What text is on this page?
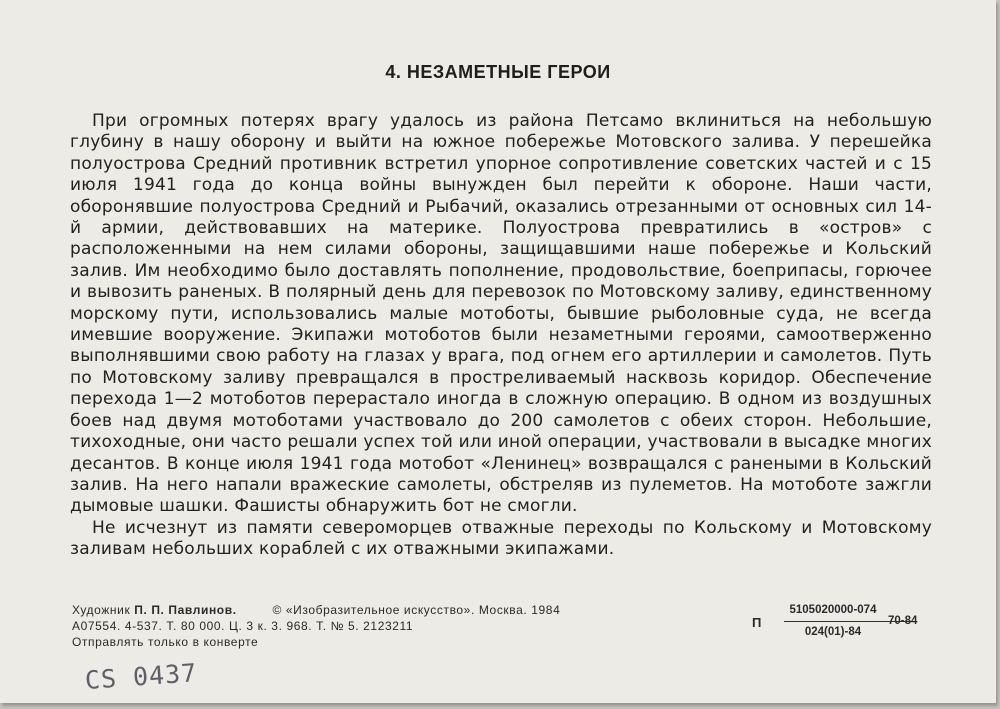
4. НЕЗАМЕТНЫЕ ГЕРОИ

При огромных потерях врагу удалось из района Петсамо вклиниться на небольшую глубину в нашу оборону и выйти на южное побережье Мотовского залива. У перешейка полуострова Средний противник встретил упорное сопротивление советских частей и с 15 июля 1941 года до конца войны вынужден был перейти к обороне. Наши части, оборонявшие полуострова Средний и Рыбачий, оказались отрезанными от основных сил 14-й армии, действовавших на материке. Полуострова превратились в «остров» с расположенными на нем силами обороны, защищавшими наше побережье и Кольский залив. Им необходимо было доставлять пополнение, продовольствие, боеприпасы, горючее и вывозить раненых. В полярный день для перевозок по Мотовскому заливу, единственному морскому пути, использовались малые мотоботы, бывшие рыболовные суда, не всегда имевшие вооружение. Экипажи мотоботов были незаметными героями, самоотверженно выполнявшими свою работу на глазах у врага, под огнем его артиллерии и самолетов. Путь по Мотовскому заливу превращался в простреливаемый насквозь коридор. Обеспечение перехода 1—2 мотоботов перерастало иногда в сложную операцию. В одном из воздушных боев над двумя мотоботами участвовало до 200 самолетов с обеих сторон. Небольшие, тихоходные, они часто решали успех той или иной операции, участвовали в высадке многих десантов. В конце июля 1941 года мотобот «Ленинец» возвращался с ранеными в Кольский залив. На него напали вражеские самолеты, обстреляв из пулеметов. На мотоботе зажгли дымовые шашки. Фашисты обнаружить бот не смогли.

Не исчезнут из памяти североморцев отважные переходы по Кольскому и Мотовскому заливам небольших кораблей с их отважными экипажами.

Художник П. П. Павлинов.	© «Изобразительное искусство». Москва. 1984
А07554. 4-537. Т. 80 000. Ц. 3 к. 3. 968. Т. № 5. 2123211
Отправлять только в конверте
П
5105020000-074
024(01)-84
70-84
CS 0437
